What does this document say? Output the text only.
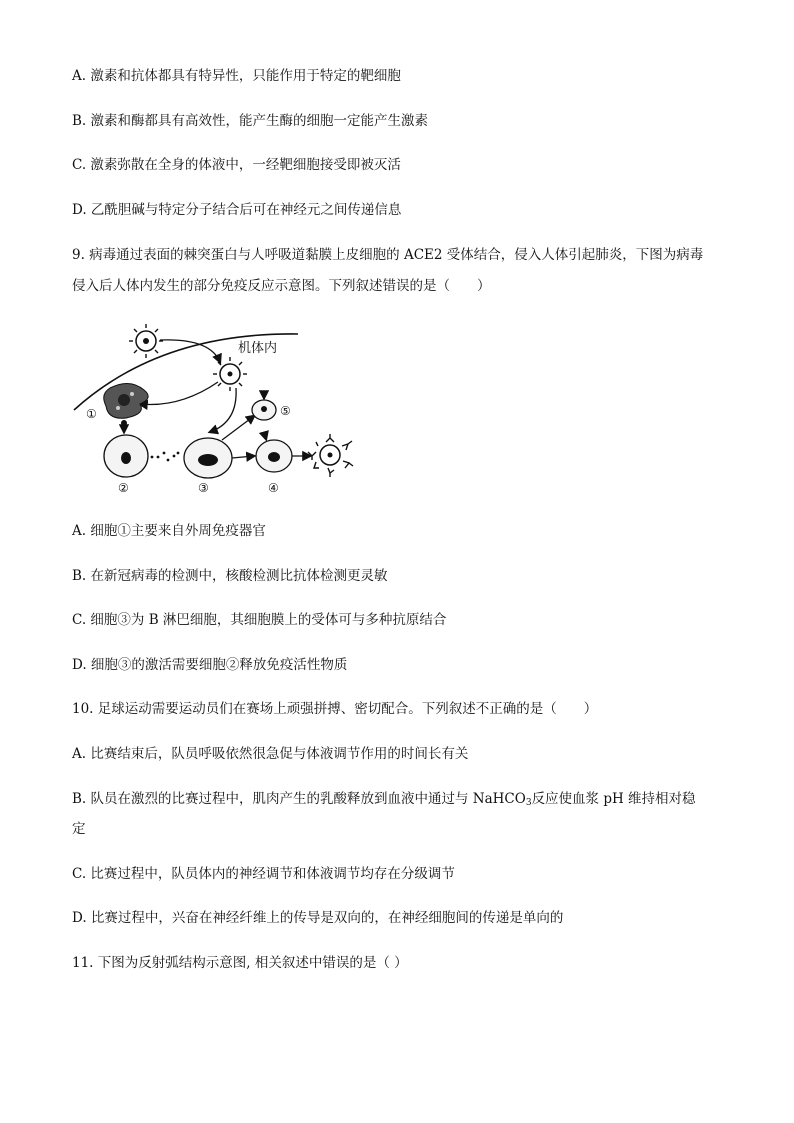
A. 激素和抗体都具有特异性，只能作用于特定的靶细胞
B. 激素和酶都具有高效性，能产生酶的细胞一定能产生激素
C. 激素弥散在全身的体液中，一经靶细胞接受即被灭活
D. 乙酰胆碱与特定分子结合后可在神经元之间传递信息
9. 病毒通过表面的棘突蛋白与人呼吸道黏膜上皮细胞的 ACE2 受体结合，侵入人体引起肺炎，下图为病毒
侵入后人体内发生的部分免疫反应示意图。下列叙述错误的是（　　）
机体内
①
②	③
⑤
④
A. 细胞①主要来自外周免疫器官
B. 在新冠病毒的检测中，核酸检测比抗体检测更灵敏
C. 细胞③为 B 淋巴细胞，其细胞膜上的受体可与多种抗原结合
D. 细胞③的激活需要细胞②释放免疫活性物质
10. 足球运动需要运动员们在赛场上顽强拼搏、密切配合。下列叙述不正确的是（　　）
A. 比赛结束后，队员呼吸依然很急促与体液调节作用的时间长有关
B. 队员在激烈的比赛过程中，肌肉产生的乳酸释放到血液中通过与 NaHCO$_3$反应使血浆 pH 维持相对稳
定
C. 比赛过程中，队员体内的神经调节和体液调节均存在分级调节
D. 比赛过程中，兴奋在神经纤维上的传导是双向的，在神经细胞间的传递是单向的
11. 下图为反射弧结构示意图, 相关叙述中错误的是（ ）
